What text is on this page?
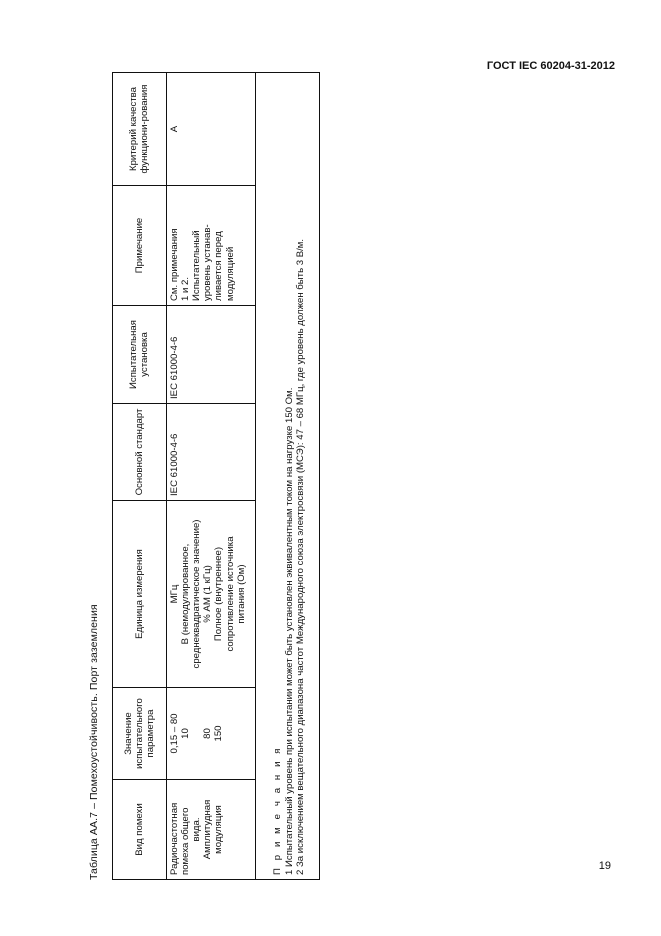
ГОСТ IEC 60204-31-2012
Таблица АА.7 – Помехоустойчивость. Порт заземления	Вид помехи
Значение испытательного параметра
Единица измерения
Основной стандарт
Испытательная установка
Примечание
Критерий качества функциони-рования
Радиочастотная помеха общего вида. Амплитудная модуляция
0,15 – 80 10
80 150
МГц В (немодулированное, среднеквадратическое значение) % АМ (1 кГц) Полное (внутреннее) сопротивление источника питания (Ом)
IEC 61000-4-6
IEC 61000-4-6
См. примечания 1 и 2. Испытательный уровень устанав- ливается перед модуляцией
A
П р и м е ч а н и я 1 Испытательный уровень при испытании может быть установлен эквивалентным током на нагрузке 150 Ом. 2 За исключением вещательного диапазона частот Международного союза электросвязи (МСЭ): 47 – 68 МГц, где уровень должен быть 3 В/м.	19
